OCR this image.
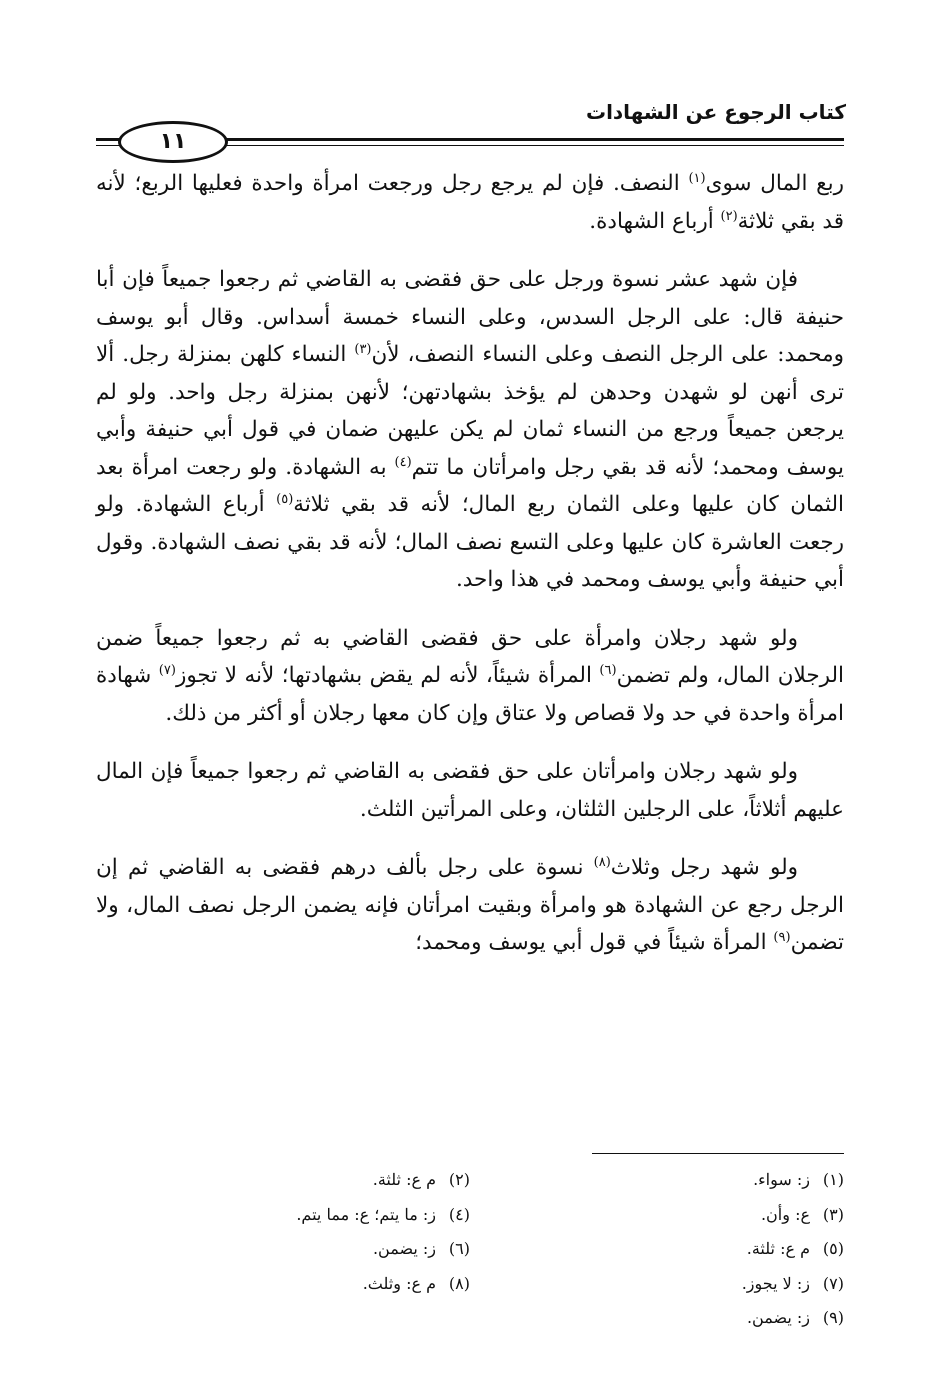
كتاب الرجوع عن الشهادات
١١

ربع المال سوى$^{(١)}$ النصف. فإن لم يرجع رجل ورجعت امرأة واحدة فعليها الربع؛ لأنه قد بقي ثلاثة$^{(٢)}$ أرباع الشهادة.

فإن شهد عشر نسوة ورجل على حق فقضى به القاضي ثم رجعوا جميعاً فإن أبا حنيفة قال: على الرجل السدس، وعلى النساء خمسة أسداس. وقال أبو يوسف ومحمد: على الرجل النصف وعلى النساء النصف، لأن$^{(٣)}$ النساء كلهن بمنزلة رجل. ألا ترى أنهن لو شهدن وحدهن لم يؤخذ بشهادتهن؛ لأنهن بمنزلة رجل واحد. ولو لم يرجعن جميعاً ورجع من النساء ثمان لم يكن عليهن ضمان في قول أبي حنيفة وأبي يوسف ومحمد؛ لأنه قد بقي رجل وامرأتان ما تتم$^{(٤)}$ به الشهادة. ولو رجعت امرأة بعد الثمان كان عليها وعلى الثمان ربع المال؛ لأنه قد بقي ثلاثة$^{(٥)}$ أرباع الشهادة. ولو رجعت العاشرة كان عليها وعلى التسع نصف المال؛ لأنه قد بقي نصف الشهادة. وقول أبي حنيفة وأبي يوسف ومحمد في هذا واحد.

ولو شهد رجلان وامرأة على حق فقضى القاضي به ثم رجعوا جميعاً ضمن الرجلان المال، ولم تضمن$^{(٦)}$ المرأة شيئاً، لأنه لم يقض بشهادتها؛ لأنه لا تجوز$^{(٧)}$ شهادة امرأة واحدة في حد ولا قصاص ولا عتاق وإن كان معها رجلان أو أكثر من ذلك.

ولو شهد رجلان وامرأتان على حق فقضى به القاضي ثم رجعوا جميعاً فإن المال عليهم أثلاثاً، على الرجلين الثلثان، وعلى المرأتين الثلث.

ولو شهد رجل وثلاث$^{(٨)}$ نسوة على رجل بألف درهم فقضى به القاضي ثم إن الرجل رجع عن الشهادة هو وامرأة وبقيت امرأتان فإنه يضمن الرجل نصف المال، ولا تضمن$^{(٩)}$ المرأة شيئاً في قول أبي يوسف ومحمد؛

(١)ز: سواء.
(٢)م ع: ثلثة.
(٣)ع: وأن.
(٤)ز: ما يتم؛ ع: مما يتم.
(٥)م ع: ثلثة.
(٦)ز: يضمن.
(٧)ز: لا يجوز.
(٨)م ع: وثلث.
(٩)ز: يضمن.
